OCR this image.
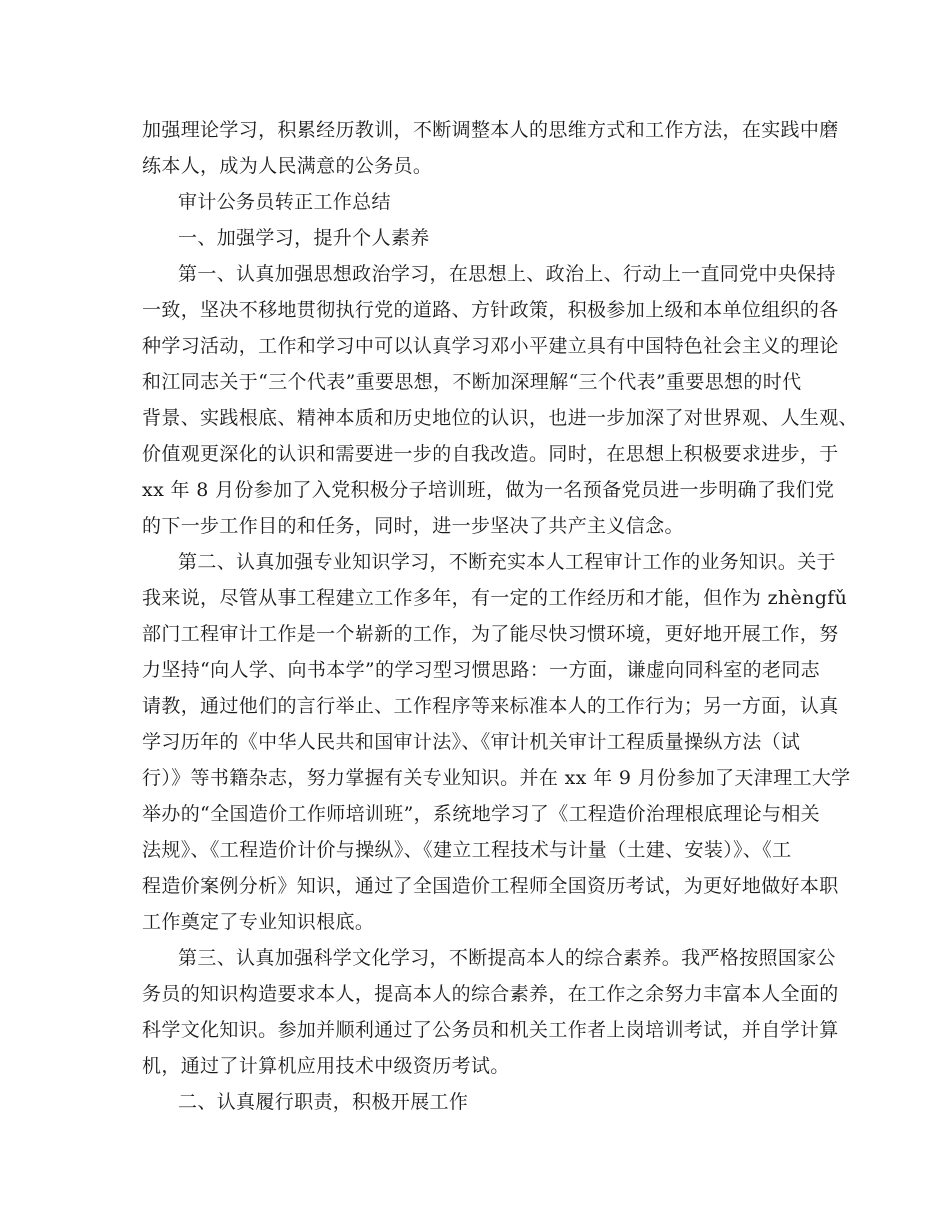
加强理论学习，积累经历教训，不断调整本人的思维方式和工作方法，在实践中磨

练本人，成为人民满意的公务员。

审计公务员转正工作总结

一、加强学习，提升个人素养

第一、认真加强思想政治学习，在思想上、政治上、行动上一直同党中央保持

一致，坚决不移地贯彻执行党的道路、方针政策，积极参加上级和本单位组织的各

种学习活动，工作和学习中可以认真学习邓小平建立具有中国特色社会主义的理论

和江同志关于“三个代表”重要思想，不断加深理解“三个代表”重要思想的时代

背景、实践根底、精神本质和历史地位的认识，也进一步加深了对世界观、人生观、

价值观更深化的认识和需要进一步的自我改造。同时，在思想上积极要求进步，于

xx 年 8 月份参加了入党积极分子培训班，做为一名预备党员进一步明确了我们党

的下一步工作目的和任务，同时，进一步坚决了共产主义信念。

第二、认真加强专业知识学习，不断充实本人工程审计工作的业务知识。关于

我来说，尽管从事工程建立工作多年，有一定的工作经历和才能，但作为 zhèngfǔ

部门工程审计工作是一个崭新的工作，为了能尽快习惯环境，更好地开展工作，努

力坚持“向人学、向书本学”的学习型习惯思路：一方面，谦虚向同科室的老同志

请教，通过他们的言行举止、工作程序等来标准本人的工作行为；另一方面，认真

学习历年的《中华人民共和国审计法》、《审计机关审计工程质量操纵方法（试

行）》等书籍杂志，努力掌握有关专业知识。并在 xx 年 9 月份参加了天津理工大学

举办的“全国造价工作师培训班”，系统地学习了《工程造价治理根底理论与相关

法规》、《工程造价计价与操纵》、《建立工程技术与计量（土建、安装）》、《工

程造价案例分析》知识，通过了全国造价工程师全国资历考试，为更好地做好本职

工作奠定了专业知识根底。

第三、认真加强科学文化学习，不断提高本人的综合素养。我严格按照国家公

务员的知识构造要求本人，提高本人的综合素养，在工作之余努力丰富本人全面的

科学文化知识。参加并顺利通过了公务员和机关工作者上岗培训考试，并自学计算

机，通过了计算机应用技术中级资历考试。

二、认真履行职责，积极开展工作
